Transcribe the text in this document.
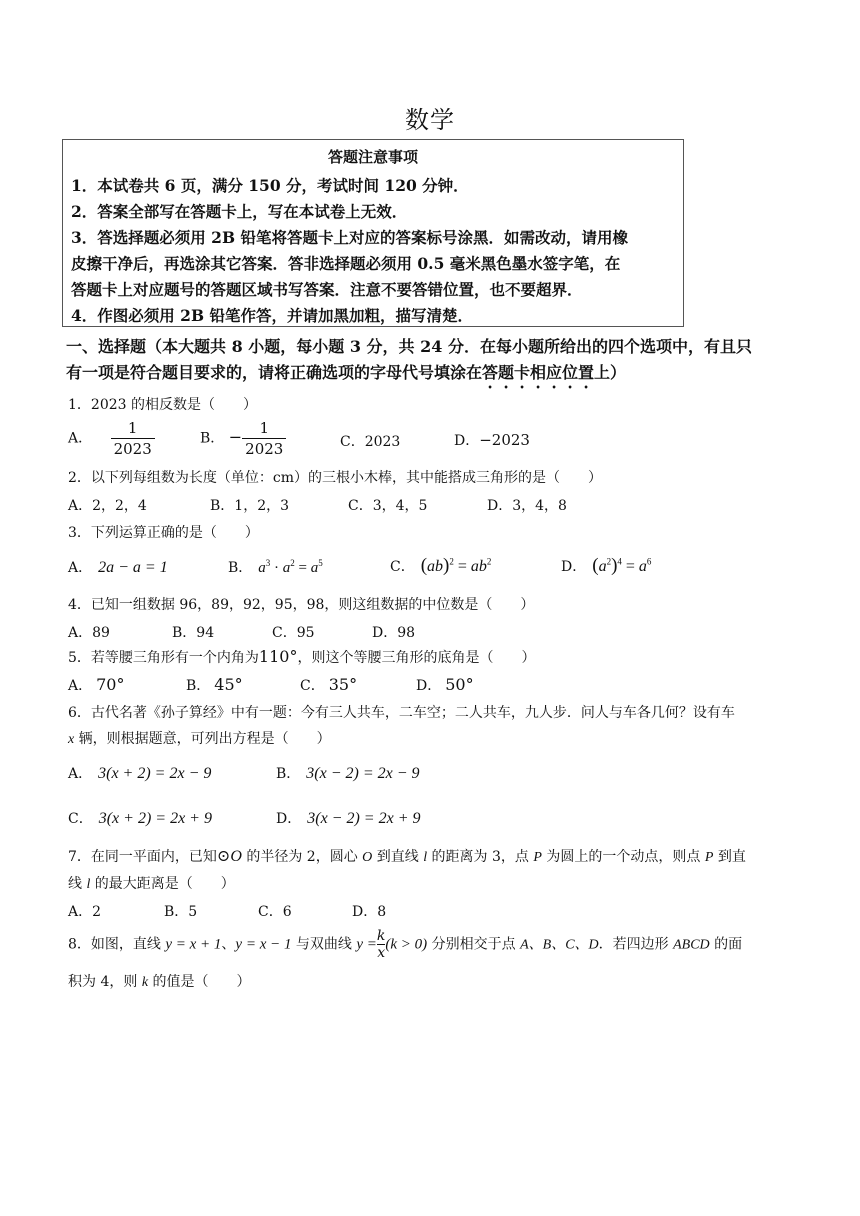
数学
答题注意事项
1．本试卷共 6 页，满分 150 分，考试时间 120 分钟．
2．答案全部写在答题卡上，写在本试卷上无效．
3．答选择题必须用 2B 铅笔将答题卡上对应的答案标号涂黑．如需改动，请用橡
皮擦干净后，再选涂其它答案．答非选择题必须用 0.5 毫米黑色墨水签字笔，在
答题卡上对应题号的答题区域书写答案．注意不要答错位置，也不要超界．
4．作图必须用 2B 铅笔作答，并请加黑加粗，描写清楚．
一、选择题（本大题共 8 小题，每小题 3 分，共 24 分．在每小题所给出的四个选项中，有且只
有一项是符合题目要求的，请将正确选项的字母代号填涂在答题卡相应位置上）
1．2023 的相反数是（　　）
A． $\frac{1}{2023}$	B． − $\frac{1}{2023}$	C．2023	D．−2023
2．以下列每组数为长度（单位：cm）的三根小木棒，其中能搭成三角形的是（　　）
A．2，2，4	B．1，2，3	C．3，4，5	D．3，4，8
3．下列运算正确的是（　　）
A． 2a − a = 1	B． $a^3 \cdot a^2 = a^5$	C． $(ab)^2 = ab^2$	D． $(a^2)^4 = a^6$
4．已知一组数据 96，89，92，95，98，则这组数据的中位数是（　　）
A．89	B．94	C．95	D．98
5．若等腰三角形有一个内角为110°，则这个等腰三角形的底角是（　　）
A． 70°	B． 45°	C． 35°	D． 50°
6．古代名著《孙子算经》中有一题：今有三人共车，二车空；二人共车，九人步．问人与车各几何？设有车
x 辆，则根据题意，可列出方程是（　　）
A． 3(x + 2) = 2x − 9	B． 3(x − 2) = 2x − 9
C． 3(x + 2) = 2x + 9	D． 3(x − 2) = 2x + 9
7．在同一平面内，已知⊙O 的半径为 2，圆心 O 到直线 l 的距离为 3，点 P 为圆上的一个动点，则点 P 到直
线 l 的最大距离是（　　）
A．2	B．5	C．6	D．8
8．如图，直线 y = x + 1、y = x − 1 与双曲线 $y = \frac{k}{x} (k > 0)$ 分别相交于点 A、B、C、D．若四边形 ABCD 的面
积为 4，则 k 的值是（　　）
